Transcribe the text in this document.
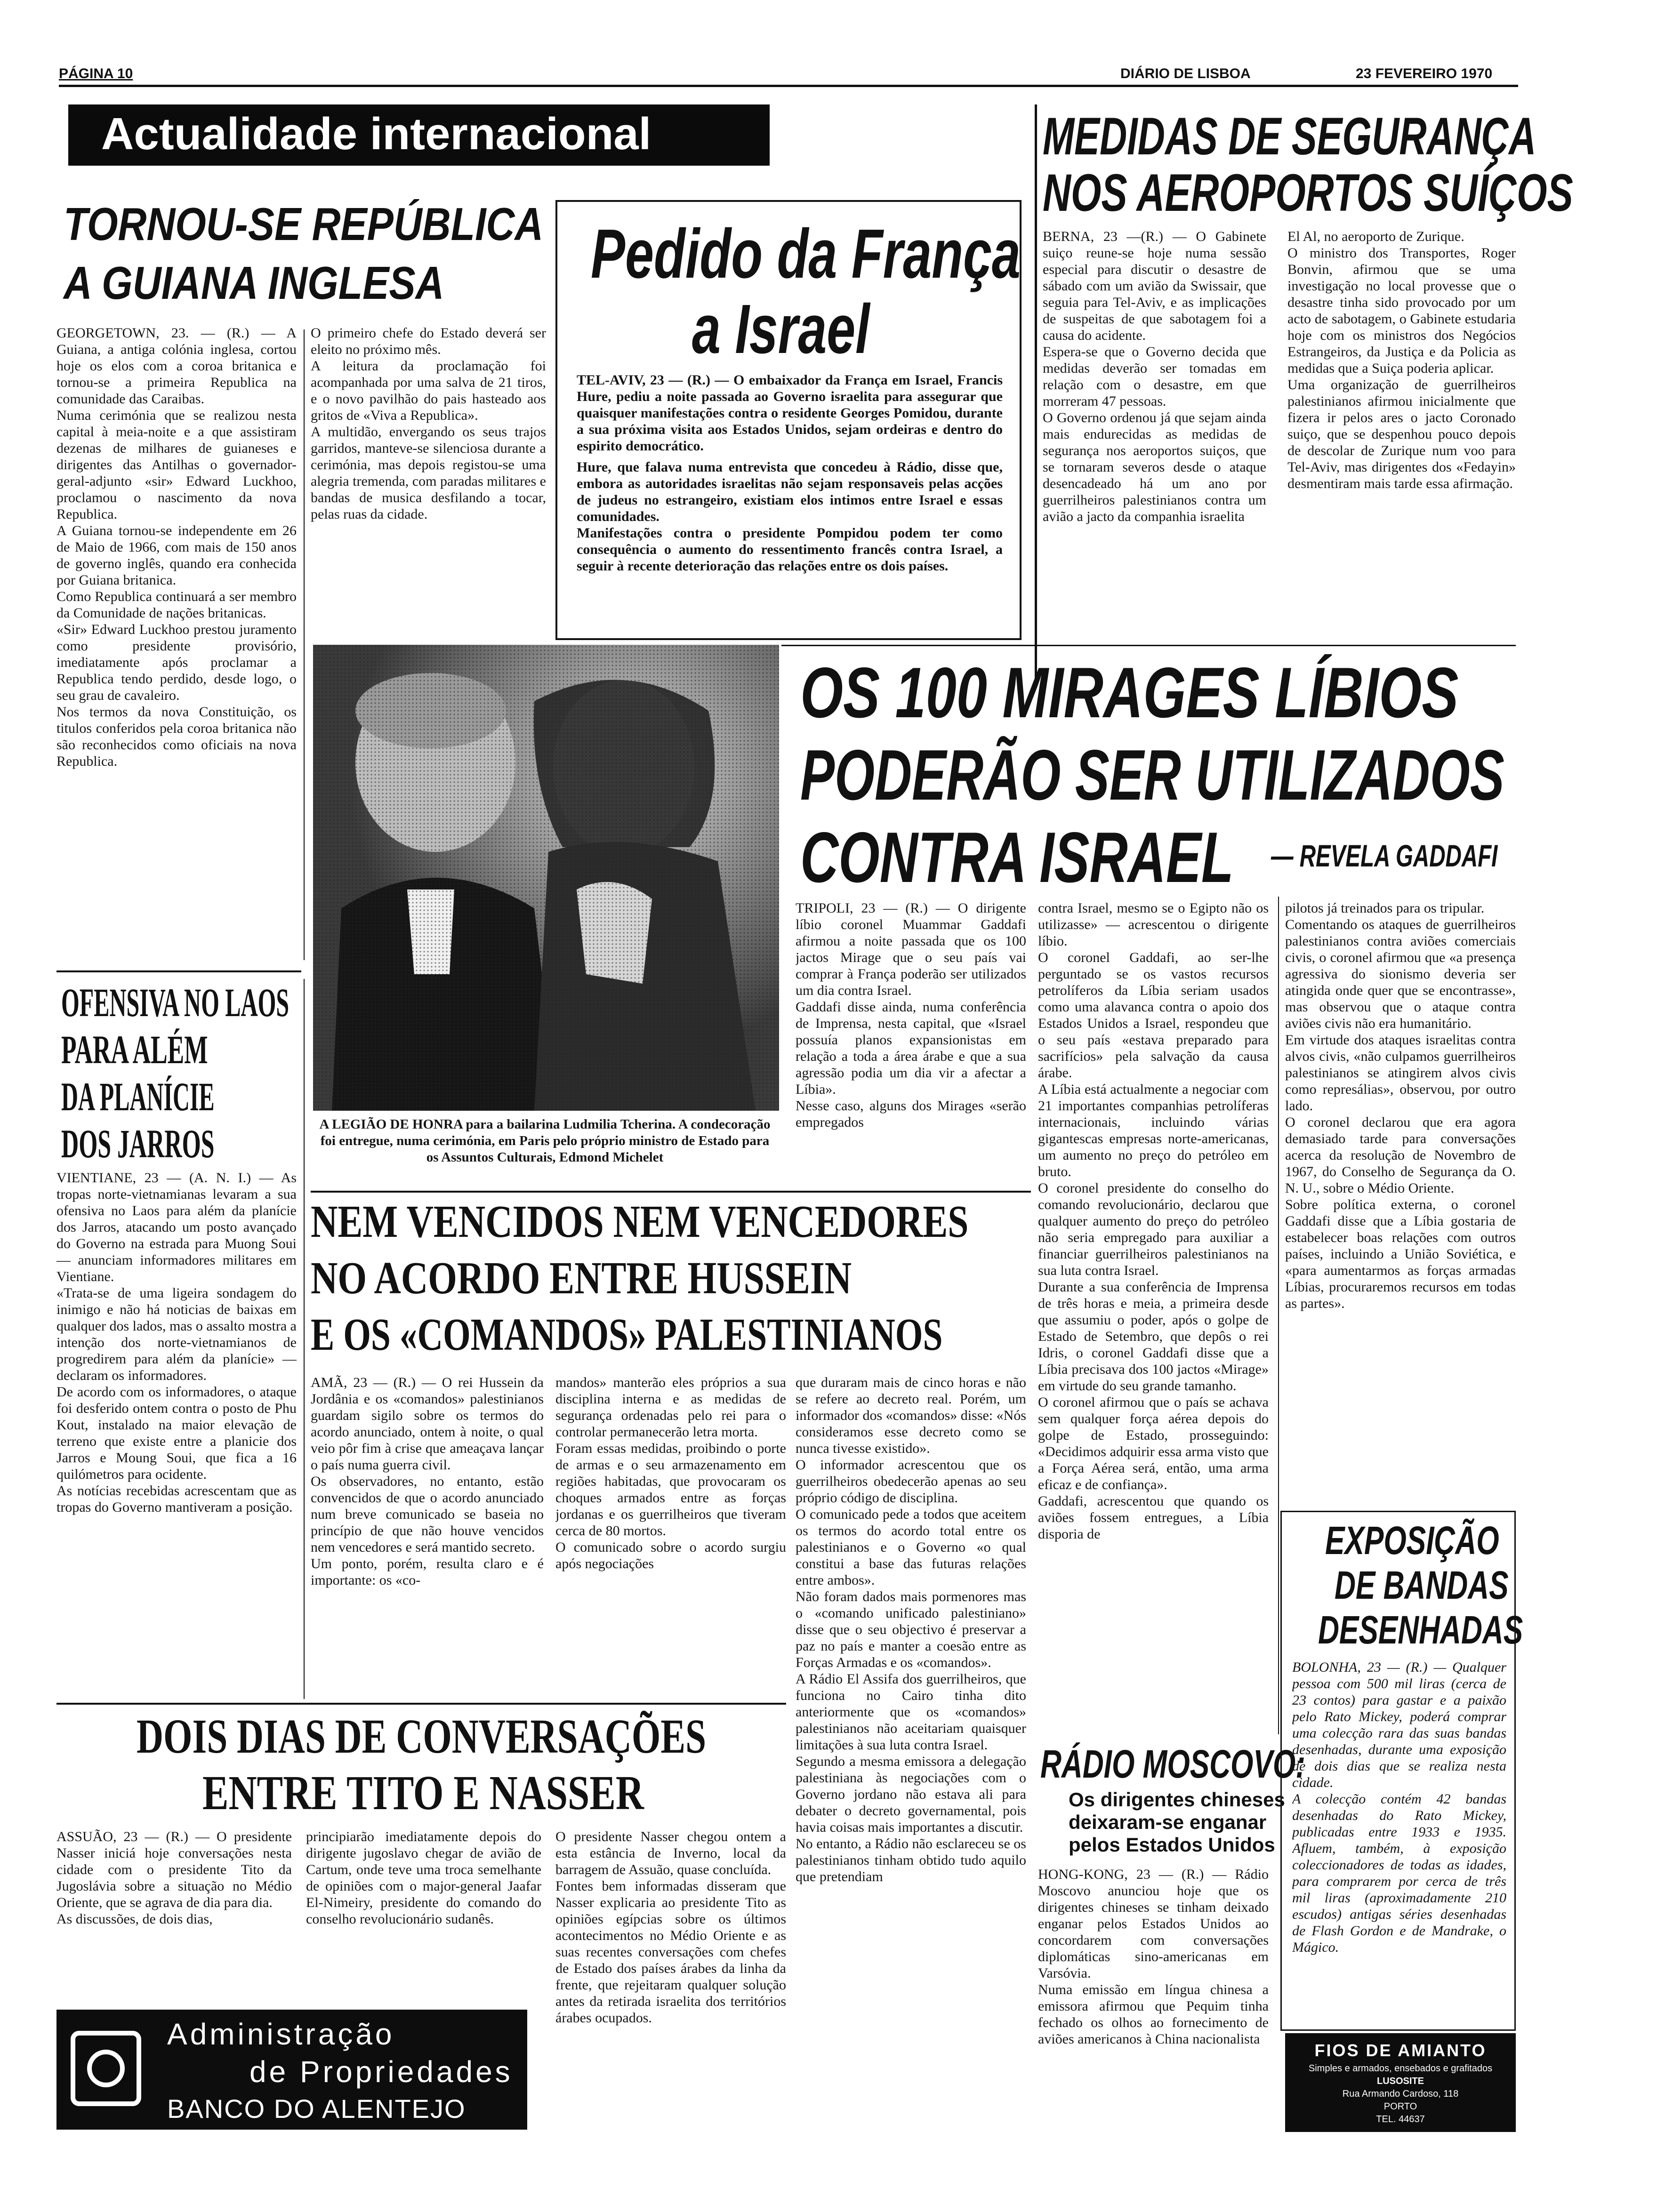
PÁGINA 10	DIÁRIO DE LISBOA	23 FEVEREIRO 1970
Actualidade internacional
TORNOU-SE REPÚBLICA
A GUIANA INGLESA
GEORGETOWN, 23. — (R.) — A Guiana, a antiga colónia inglesa, cortou hoje os elos com a coroa britanica e tornou-se a primeira Republica na comunidade das Caraibas.
Numa cerimónia que se realizou nesta capital à meia-noite e a que assistiram dezenas de milhares de guianeses e dirigentes das Antilhas o governador-geral-adjunto «sir» Edward Luckhoo, proclamou o nascimento da nova Republica.
A Guiana tornou-se independente em 26 de Maio de 1966, com mais de 150 anos de governo inglês, quando era conhecida por Guiana britanica.
Como Republica continuará a ser membro da Comunidade de nações britanicas.
«Sir» Edward Luckhoo prestou juramento como presidente provisório, imediatamente após proclamar a Republica tendo perdido, desde logo, o seu grau de cavaleiro.
Nos termos da nova Constituição, os titulos conferidos pela coroa britanica não são reconhecidos como oficiais na nova Republica.
O primeiro chefe do Estado deverá ser eleito no próximo mês.
A leitura da proclamação foi acompanhada por uma salva de 21 tiros, e o novo pavilhão do pais hasteado aos gritos de «Viva a Republica».
A multidão, envergando os seus trajos garridos, manteve-se silenciosa durante a cerimónia, mas depois registou-se uma alegria tremenda, com paradas militares e bandas de musica desfilando a tocar, pelas ruas da cidade.
Pedido da França
a Israel
TEL-AVIV, 23 — (R.) — O embaixador da França em Israel, Francis Hure, pediu a noite passada ao Governo israelita para assegurar que quaisquer manifestações contra o residente Georges Pomidou, durante a sua próxima visita aos Estados Unidos, sejam ordeiras e dentro do espirito democrático.
Hure, que falava numa entrevista que concedeu à Rádio, disse que, embora as autoridades israelitas não sejam responsaveis pelas acções de judeus no estrangeiro, existiam elos intimos entre Israel e essas comunidades.
Manifestações contra o presidente Pompidou podem ter como consequência o aumento do ressentimento francês contra Israel, a seguir à recente deterioração das relações entre os dois países.
MEDIDAS DE SEGURANÇA
NOS AEROPORTOS SUÍÇOS
BERNA, 23 —(R.) — O Gabinete suiço reune-se hoje numa sessão especial para discutir o desastre de sábado com um avião da Swissair, que seguia para Tel-Aviv, e as implicações de suspeitas de que sabotagem foi a causa do acidente.
Espera-se que o Governo decida que medidas deverão ser tomadas em relação com o desastre, em que morreram 47 pessoas.
O Governo ordenou já que sejam ainda mais endurecidas as medidas de segurança nos aeroportos suiços, que se tornaram severos desde o ataque desencadeado há um ano por guerrilheiros palestinianos contra um avião a jacto da companhia israelita
El Al, no aeroporto de Zurique.
O ministro dos Transportes, Roger Bonvin, afirmou que se uma investigação no local provesse que o desastre tinha sido provocado por um acto de sabotagem, o Gabinete estudaria hoje com os ministros dos Negócios Estrangeiros, da Justiça e da Policia as medidas que a Suiça poderia aplicar.
Uma organização de guerrilheiros palestinianos afirmou inicialmente que fizera ir pelos ares o jacto Coronado suiço, que se despenhou pouco depois de descolar de Zurique num voo para Tel-Aviv, mas dirigentes dos «Fedayin» desmentiram mais tarde essa afirmação.
A LEGIÃO DE HONRA para a bailarina Ludmilia Tcherina. A condecoração foi entregue, numa cerimónia, em Paris pelo próprio ministro de Estado para os Assuntos Culturais, Edmond Michelet
OFENSIVA NO LAOS
PARA ALÉM
DA PLANÍCIE
DOS JARROS
VIENTIANE, 23 — (A. N. I.) — As tropas norte-vietnamianas levaram a sua ofensiva no Laos para além da planície dos Jarros, atacando um posto avançado do Governo na estrada para Muong Soui — anunciam informadores militares em Vientiane.
«Trata-se de uma ligeira sondagem do inimigo e não há noticias de baixas em qualquer dos lados, mas o assalto mostra a intenção dos norte-vietnamianos de progredirem para além da planície» — declaram os informadores.
De acordo com os informadores, o ataque foi desferido ontem contra o posto de Phu Kout, instalado na maior elevação de terreno que existe entre a planicie dos Jarros e Moung Soui, que fica a 16 quilómetros para ocidente.
As notícias recebidas acrescentam que as tropas do Governo mantiveram a posição.
OS 100 MIRAGES LÍBIOS
PODERÃO SER UTILIZADOS
CONTRA ISRAEL — REVELA GADDAFI
TRIPOLI, 23 — (R.) — O dirigente líbio coronel Muammar Gaddafi afirmou a noite passada que os 100 jactos Mirage que o seu país vai comprar à França poderão ser utilizados um dia contra Israel.
Gaddafi disse ainda, numa conferência de Imprensa, nesta capital, que «Israel possuía planos expansionistas em relação a toda a área árabe e que a sua agressão podia um dia vir a afectar a Líbia».
Nesse caso, alguns dos Mirages «serão empregados
contra Israel, mesmo se o Egipto não os utilizasse» — acrescentou o dirigente líbio.
O coronel Gaddafi, ao ser-lhe perguntado se os vastos recursos petrolíferos da Líbia seriam usados como uma alavanca contra o apoio dos Estados Unidos a Israel, respondeu que o seu país «estava preparado para sacrifícios» pela salvação da causa árabe.
A Líbia está actualmente a negociar com 21 importantes companhias petrolíferas internacionais, incluindo várias gigantescas empresas norte-americanas, um aumento no preço do petróleo em bruto.
O coronel presidente do conselho do comando revolucionário, declarou que qualquer aumento do preço do petróleo não seria empregado para auxiliar a financiar guerrilheiros palestinianos na sua luta contra Israel.
Durante a sua conferência de Imprensa de três horas e meia, a primeira desde que assumiu o poder, após o golpe de Estado de Setembro, que depôs o rei Idris, o coronel Gaddafi disse que a Líbia precisava dos 100 jactos «Mirage» em virtude do seu grande tamanho.
O coronel afirmou que o país se achava sem qualquer força aérea depois do golpe de Estado, prosseguindo: «Decidimos adquirir essa arma visto que a Força Aérea será, então, uma arma eficaz e de confiança».
Gaddafi, acrescentou que quando os aviões fossem entregues, a Líbia disporia de
pilotos já treinados para os tripular.
Comentando os ataques de guerrilheiros palestinianos contra aviões comerciais civis, o coronel afirmou que «a presença agressiva do sionismo deveria ser atingida onde quer que se encontrasse», mas observou que o ataque contra aviões civis não era humanitário.
Em virtude dos ataques israelitas contra alvos civis, «não culpamos guerrilheiros palestinianos se atingirem alvos civis como represálias», observou, por outro lado.
O coronel declarou que era agora demasiado tarde para conversações acerca da resolução de Novembro de 1967, do Conselho de Segurança da O. N. U., sobre o Médio Oriente.
Sobre política externa, o coronel Gaddafi disse que a Líbia gostaria de estabelecer boas relações com outros países, incluindo a União Soviética, e «para aumentarmos as forças armadas Líbias, procuraremos recursos em todas as partes».
NEM VENCIDOS NEM VENCEDORES
NO ACORDO ENTRE HUSSEIN
E OS «COMANDOS» PALESTINIANOS
AMÃ, 23 — (R.) — O rei Hussein da Jordânia e os «comandos» palestinianos guardam sigilo sobre os termos do acordo anunciado, ontem à noite, o qual veio pôr fim à crise que ameaçava lançar o país numa guerra civil.
Os observadores, no entanto, estão convencidos de que o acordo anunciado num breve comunicado se baseia no princípio de que não houve vencidos nem vencedores e será mantido secreto.
Um ponto, porém, resulta claro e é importante: os «co-
mandos» manterão eles próprios a sua disciplina interna e as medidas de segurança ordenadas pelo rei para o controlar permanecerão letra morta.
Foram essas medidas, proibindo o porte de armas e o seu armazenamento em regiões habitadas, que provocaram os choques armados entre as forças jordanas e os guerrilheiros que tiveram cerca de 80 mortos.
O comunicado sobre o acordo surgiu após negociações
que duraram mais de cinco horas e não se refere ao decreto real. Porém, um informador dos «comandos» disse: «Nós consideramos esse decreto como se nunca tivesse existido».
O informador acrescentou que os guerrilheiros obedecerão apenas ao seu próprio código de disciplina.
O comunicado pede a todos que aceitem os termos do acordo total entre os palestinianos e o Governo «o qual constitui a base das futuras relações entre ambos».
Não foram dados mais pormenores mas o «comando unificado palestiniano» disse que o seu objectivo é preservar a paz no país e manter a coesão entre as Forças Armadas e os «comandos».
A Rádio El Assifa dos guerrilheiros, que funciona no Cairo tinha dito anteriormente que os «comandos» palestinianos não aceitariam quaisquer limitações à sua luta contra Israel.
Segundo a mesma emissora a delegação palestiniana às negociações com o Governo jordano não estava ali para debater o decreto governamental, pois havia coisas mais importantes a discutir.
No entanto, a Rádio não esclareceu se os palestinianos tinham obtido tudo aquilo que pretendiam
DOIS DIAS DE CONVERSAÇÕES
ENTRE TITO E NASSER
ASSUÃO, 23 — (R.) — O presidente Nasser iniciá hoje conversações nesta cidade com o presidente Tito da Jugoslávia sobre a situação no Médio Oriente, que se agrava de dia para dia.
As discussões, de dois dias,
principiarão imediatamente depois do dirigente jugoslavo chegar de avião de Cartum, onde teve uma troca semelhante de opiniões com o major-general Jaafar El-Nimeiry, presidente do comando do conselho revolucionário sudanês.
O presidente Nasser chegou ontem a esta estância de Inverno, local da barragem de Assuão, quase concluída.
Fontes bem informadas disseram que Nasser explicaria ao presidente Tito as opiniões egípcias sobre os últimos acontecimentos no Médio Oriente e as suas recentes conversações com chefes de Estado dos países árabes da linha da frente, que rejeitaram qualquer solução antes da retirada israelita dos territórios árabes ocupados.
EXPOSIÇÃO
DE BANDAS
DESENHADAS
BOLONHA, 23 — (R.) — Qualquer pessoa com 500 mil liras (cerca de 23 contos) para gastar e a paixão pelo Rato Mickey, poderá comprar uma colecção rara das suas bandas desenhadas, durante uma exposição de dois dias que se realiza nesta cidade.
A colecção contém 42 bandas desenhadas do Rato Mickey, publicadas entre 1933 e 1935. Afluem, também, à exposição coleccionadores de todas as idades, para comprarem por cerca de três mil liras (aproximadamente 210 escudos) antigas séries desenhadas de Flash Gordon e de Mandrake, o Mágico.
RÁDIO MOSCOVO:
Os dirigentes chineses
deixaram-se enganar
pelos Estados Unidos
HONG-KONG, 23 — (R.) — Rádio Moscovo anunciou hoje que os dirigentes chineses se tinham deixado enganar pelos Estados Unidos ao concordarem com conversações diplomáticas sino-americanas em Varsóvia.
Numa emissão em língua chinesa a emissora afirmou que Pequim tinha fechado os olhos ao fornecimento de aviões americanos à China nacionalista
Administração
de Propriedades
BANCO DO ALENTEJO
FIOS DE AMIANTO
Simples e armados, ensebados e grafitados
LUSOSITE
Rua Armando Cardoso, 118
PORTO
TEL. 44637
